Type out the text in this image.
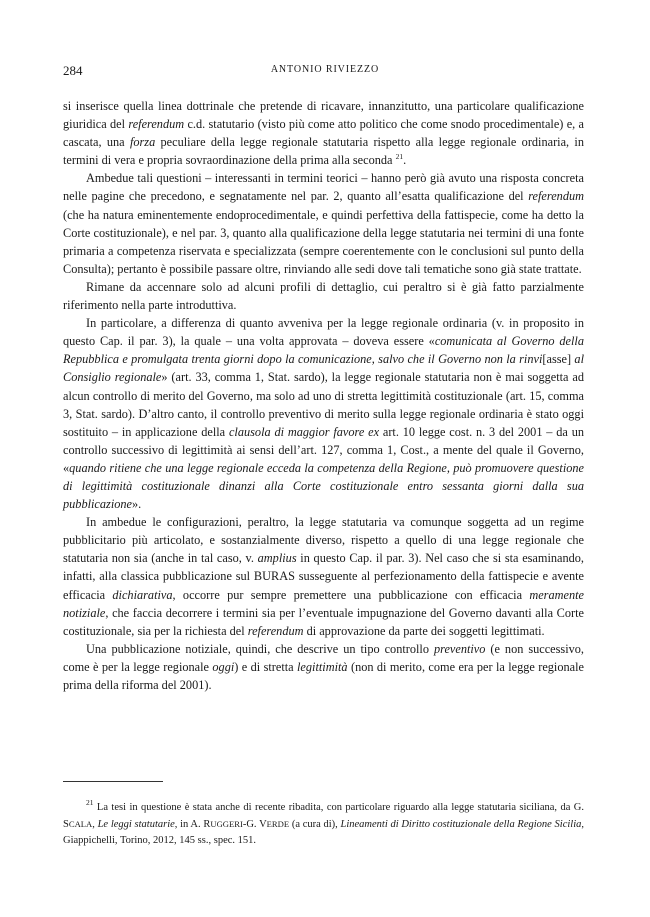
284	ANTONIO RIVIEZZO

si inserisce quella linea dottrinale che pretende di ricavare, innanzitutto, una particolare qualificazione giuridica del referendum c.d. statutario (visto più come atto politico che come snodo procedimentale) e, a cascata, una forza peculiare della legge regionale statutaria rispetto alla legge regionale ordinaria, in termini di vera e propria sovraordinazione della prima alla seconda $^{21}$.

Ambedue tali questioni – interessanti in termini teorici – hanno però già avuto una risposta concreta nelle pagine che precedono, e segnatamente nel par. 2, quanto all’esatta qualificazione del referendum (che ha natura eminentemente endoprocedimentale, e quindi perfettiva della fattispecie, come ha detto la Corte costituzionale), e nel par. 3, quanto alla qualificazione della legge statutaria nei termini di una fonte primaria a competenza riservata e specializzata (sempre coerentemente con le conclusioni sul punto della Consulta); pertanto è possibile passare oltre, rinviando alle sedi dove tali tematiche sono già state trattate.

Rimane da accennare solo ad alcuni profili di dettaglio, cui peraltro si è già fatto parzialmente riferimento nella parte introduttiva.

In particolare, a differenza di quanto avveniva per la legge regionale ordinaria (v. in proposito in questo Cap. il par. 3), la quale – una volta approvata – doveva essere «comunicata al Governo della Repubblica e promulgata trenta giorni dopo la comunicazione, salvo che il Governo non la rinvi[asse] al Consiglio regionale» (art. 33, comma 1, Stat. sardo), la legge regionale statutaria non è mai soggetta ad alcun controllo di merito del Governo, ma solo ad uno di stretta legittimità costituzionale (art. 15, comma 3, Stat. sardo). D’altro canto, il controllo preventivo di merito sulla legge regionale ordinaria è stato oggi sostituito – in applicazione della clausola di maggior favore ex art. 10 legge cost. n. 3 del 2001 – da un controllo successivo di legittimità ai sensi dell’art. 127, comma 1, Cost., a mente del quale il Governo, «quando ritiene che una legge regionale ecceda la competenza della Regione, può promuovere questione di legittimità costituzionale dinanzi alla Corte costituzionale entro sessanta giorni dalla sua pubblicazione».

In ambedue le configurazioni, peraltro, la legge statutaria va comunque soggetta ad un regime pubblicitario più articolato, e sostanzialmente diverso, rispetto a quello di una legge regionale che statutaria non sia (anche in tal caso, v. amplius in questo Cap. il par. 3). Nel caso che si sta esaminando, infatti, alla classica pubblicazione sul BURAS susseguente al perfezionamento della fattispecie e avente efficacia dichiarativa, occorre pur sempre premettere una pubblicazione con efficacia meramente notiziale, che faccia decorrere i termini sia per l’eventuale impugnazione del Governo davanti alla Corte costituzionale, sia per la richiesta del referendum di approvazione da parte dei soggetti legittimati.

Una pubblicazione notiziale, quindi, che descrive un tipo controllo preventivo (e non successivo, come è per la legge regionale oggi) e di stretta legittimità (non di merito, come era per la legge regionale prima della riforma del 2001).

$^{21}$ La tesi in questione è stata anche di recente ribadita, con particolare riguardo alla legge statutaria siciliana, da G. SCALA, Le leggi statutarie, in A. RUGGERI-G. VERDE (a cura di), Lineamenti di Diritto costituzionale della Regione Sicilia, Giappichelli, Torino, 2012, 145 ss., spec. 151.
